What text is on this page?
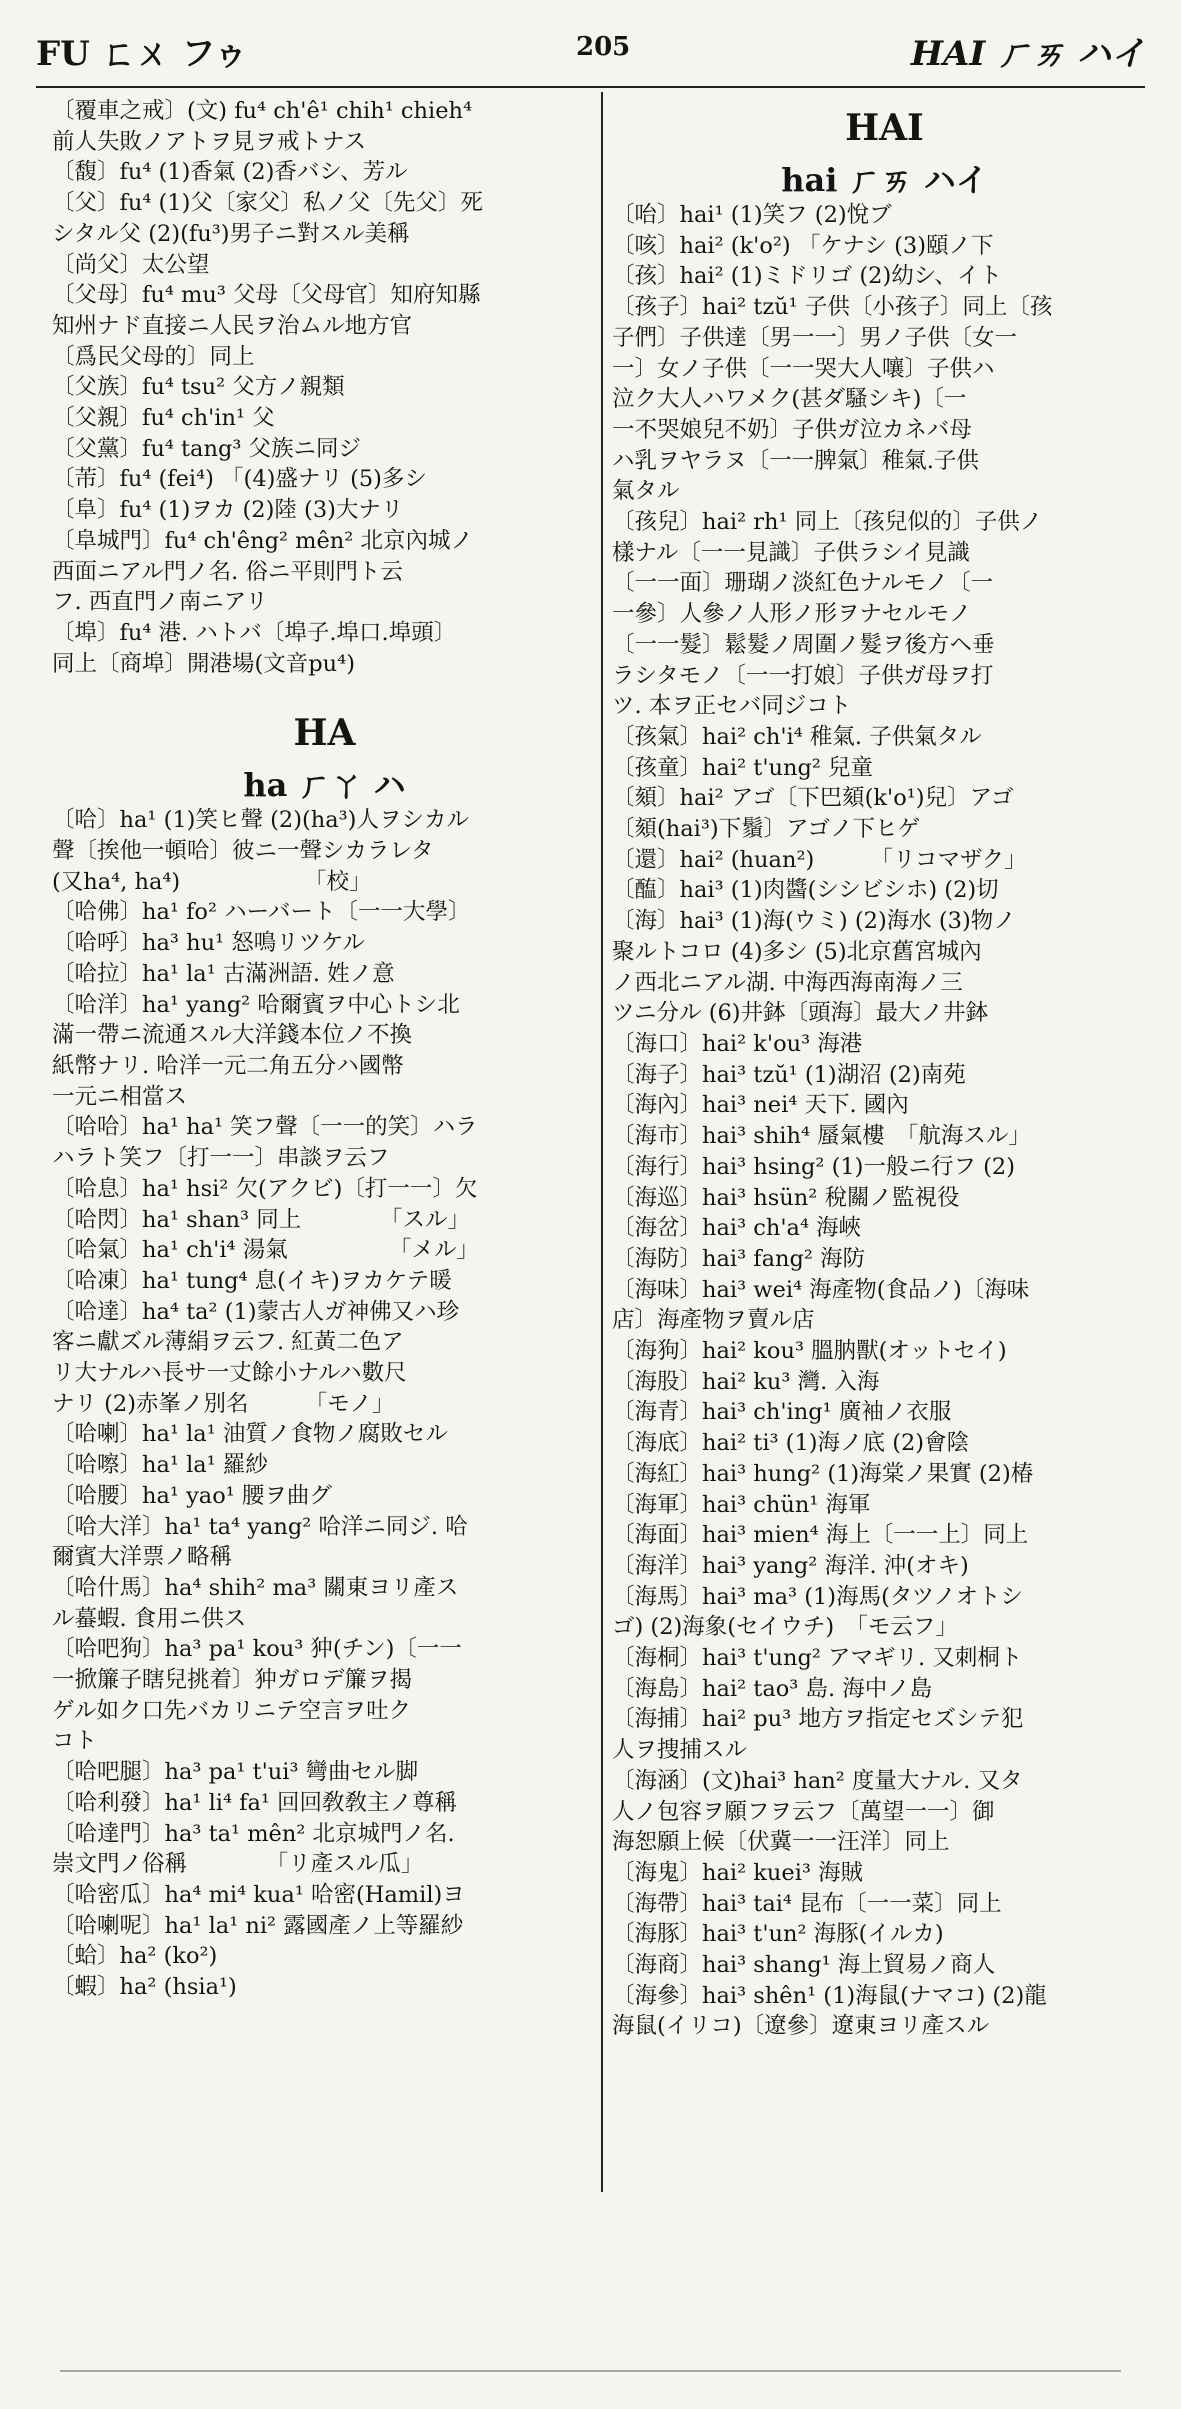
FU ㄈㄨ フゥ	205	HAI ㄏㄞ ハイ

〔覆車之戒〕(文) fu⁴ ch'ê¹ chih¹ chieh⁴

前人失敗ノアトヲ見ヲ戒トナス

〔馥〕fu⁴ (1)香氣 (2)香バシ、芳ル

〔父〕fu⁴ (1)父〔家父〕私ノ父〔先父〕死

シタル父 (2)(fu³)男子ニ對スル美稱

〔尚父〕太公望

〔父母〕fu⁴ mu³ 父母〔父母官〕知府知縣

知州ナド直接ニ人民ヲ治ムル地方官

〔爲民父母的〕同上

〔父族〕fu⁴ tsu² 父方ノ親類

〔父親〕fu⁴ ch'in¹ 父

〔父黨〕fu⁴ tang³ 父族ニ同ジ

〔芾〕fu⁴ (fei⁴) 「(4)盛ナリ (5)多シ

〔阜〕fu⁴ (1)ヲカ (2)陸 (3)大ナリ

〔阜城門〕fu⁴ ch'êng² mên² 北京內城ノ

西面ニアル門ノ名. 俗ニ平則門ト云

フ. 西直門ノ南ニアリ

〔埠〕fu⁴ 港. ハトバ〔埠子.埠口.埠頭〕

同上〔商埠〕開港場(文音pu⁴)

HA
ha ㄏㄚ ハ

〔哈〕ha¹ (1)笑ヒ聲 (2)(ha³)人ヲシカル

聲〔挨他一頓哈〕彼ニ一聲シカラレタ

(又ha⁴, ha⁴)　　　　　　「校」

〔哈佛〕ha¹ fo² ハーバート〔一一大學〕

〔哈呼〕ha³ hu¹ 怒鳴リツケル

〔哈拉〕ha¹ la¹ 古滿洲語. 姓ノ意

〔哈洋〕ha¹ yang² 哈爾賓ヲ中心トシ北

滿一帶ニ流通スル大洋錢本位ノ不換

紙幣ナリ. 哈洋一元二角五分ハ國幣

一元ニ相當ス

〔哈哈〕ha¹ ha¹ 笑フ聲〔一一的笑〕ハラ

ハラト笑フ〔打一一〕串談ヲ云フ

〔哈息〕ha¹ hsi² 欠(アクビ)〔打一一〕欠

〔哈閃〕ha¹ shan³ 同上　　　　「スル」

〔哈氣〕ha¹ ch'i⁴ 湯氣　　　　　「メル」

〔哈凍〕ha¹ tung⁴ 息(イキ)ヲカケテ暖

〔哈達〕ha⁴ ta² (1)蒙古人ガ神佛又ハ珍

客ニ獻ズル薄絹ヲ云フ. 紅黃二色ア

リ大ナルハ長サ一丈餘小ナルハ數尺

ナリ (2)赤峯ノ別名　　　「モノ」

〔哈喇〕ha¹ la¹ 油質ノ食物ノ腐敗セル

〔哈嚓〕ha¹ la¹ 羅紗

〔哈腰〕ha¹ yao¹ 腰ヲ曲グ

〔哈大洋〕ha¹ ta⁴ yang² 哈洋ニ同ジ. 哈

爾賓大洋票ノ略稱

〔哈什馬〕ha⁴ shih² ma³ 關東ヨリ產ス

ル蟇蝦. 食用ニ供ス

〔哈吧狗〕ha³ pa¹ kou³ 狆(チン)〔一一

一掀簾子瞎兒挑着〕狆ガロデ簾ヲ揭

ゲル如ク口先バカリニテ空言ヲ吐ク

コト

〔哈吧腿〕ha³ pa¹ t'ui³ 彎曲セル脚

〔哈利發〕ha¹ li⁴ fa¹ 回回敎敎主ノ尊稱

〔哈達門〕ha³ ta¹ mên² 北京城門ノ名.

崇文門ノ俗稱　　　　「リ產スル瓜」

〔哈密瓜〕ha⁴ mi⁴ kua¹ 哈密(Hamil)ヨ

〔哈喇呢〕ha¹ la¹ ni² 露國產ノ上等羅紗

〔蛤〕ha² (ko²)

〔蝦〕ha² (hsia¹)

HAI
hai ㄏㄞ ハイ

〔咍〕hai¹ (1)笑フ (2)悅ブ

〔咳〕hai² (k'o²) 「ケナシ (3)頤ノ下

〔孩〕hai² (1)ミドリゴ (2)幼シ、イト

〔孩子〕hai² tzŭ¹ 子供〔小孩子〕同上〔孩

子們〕子供達〔男一一〕男ノ子供〔女一

一〕女ノ子供〔一一哭大人嚷〕子供ハ

泣ク大人ハワメク(甚ダ騷シキ)〔一

一不哭娘兒不奶〕子供ガ泣カネバ母

ハ乳ヲヤラヌ〔一一脾氣〕稚氣.子供

氣タル

〔孩兒〕hai² rh¹ 同上〔孩兒似的〕子供ノ

樣ナル〔一一見識〕子供ラシイ見識

〔一一面〕珊瑚ノ淡紅色ナルモノ〔一

一參〕人參ノ人形ノ形ヲナセルモノ

〔一一髮〕鬆髮ノ周圍ノ髮ヲ後方ヘ垂

ラシタモノ〔一一打娘〕子供ガ母ヲ打

ツ. 本ヲ正セバ同ジコト

〔孩氣〕hai² ch'i⁴ 稚氣. 子供氣タル

〔孩童〕hai² t'ung² 兒童

〔頦〕hai² アゴ〔下巴頦(k'o¹)兒〕アゴ

〔頦(hai³)下鬚〕アゴノ下ヒゲ

〔還〕hai² (huan²)　　　「リコマザク」

〔醢〕hai³ (1)肉醬(シシビシホ) (2)切

〔海〕hai³ (1)海(ウミ) (2)海水 (3)物ノ

聚ルトコロ (4)多シ (5)北京舊宮城內

ノ西北ニアル湖. 中海西海南海ノ三

ツニ分ル (6)井鉢〔頭海〕最大ノ井鉢

〔海口〕hai² k'ou³ 海港

〔海子〕hai³ tzŭ¹ (1)湖沼 (2)南苑

〔海內〕hai³ nei⁴ 天下. 國內

〔海市〕hai³ shih⁴ 蜃氣樓　「航海スル」

〔海行〕hai³ hsing² (1)一般ニ行フ (2)

〔海巡〕hai³ hsün² 稅關ノ監視役

〔海岔〕hai³ ch'a⁴ 海峽

〔海防〕hai³ fang² 海防

〔海味〕hai³ wei⁴ 海產物(食品ノ)〔海味

店〕海產物ヲ賣ル店

〔海狗〕hai² kou³ 膃肭獸(オットセイ)

〔海股〕hai² ku³ 灣. 入海

〔海青〕hai³ ch'ing¹ 廣袖ノ衣服

〔海底〕hai² ti³ (1)海ノ底 (2)會陰

〔海紅〕hai³ hung² (1)海棠ノ果實 (2)椿

〔海軍〕hai³ chün¹ 海軍

〔海面〕hai³ mien⁴ 海上〔一一上〕同上

〔海洋〕hai³ yang² 海洋. 沖(オキ)

〔海馬〕hai³ ma³ (1)海馬(タツノオトシ

ゴ) (2)海象(セイウチ)　「モ云フ」

〔海桐〕hai³ t'ung² アマギリ. 又刺桐ト

〔海島〕hai² tao³ 島. 海中ノ島

〔海捕〕hai² pu³ 地方ヲ指定セズシテ犯

人ヲ捜捕スル

〔海涵〕(文)hai³ han² 度量大ナル. 又タ

人ノ包容ヲ願フヲ云フ〔萬望一一〕御

海恕願上候〔伏冀一一汪洋〕同上

〔海鬼〕hai² kuei³ 海賊

〔海帶〕hai³ tai⁴ 昆布〔一一菜〕同上

〔海豚〕hai³ t'un² 海豚(イルカ)

〔海商〕hai³ shang¹ 海上貿易ノ商人

〔海參〕hai³ shên¹ (1)海鼠(ナマコ) (2)龍

海鼠(イリコ)〔遼參〕遼東ヨリ產スル
